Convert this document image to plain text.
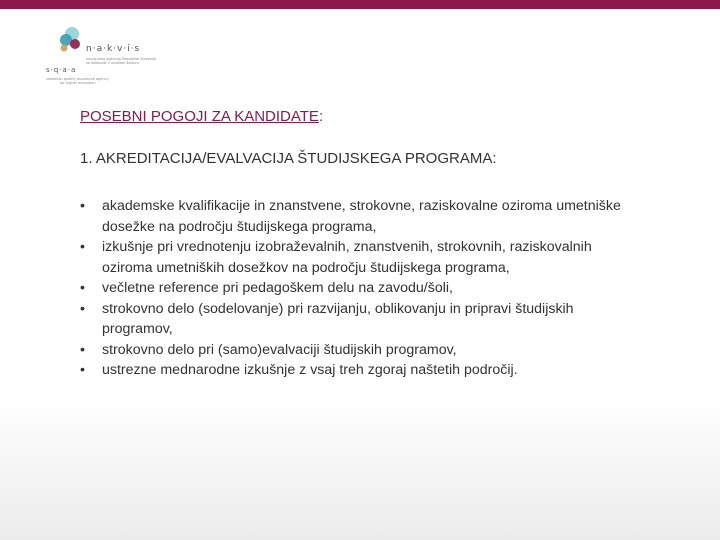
n·a·k·v·i·s
nacionalna agencija Republike Slovenije
za kakovost v visokem šolstvu
s·q·a·a
slovenian quality assurance agency
for higher education
POSEBNI POGOJI ZA KANDIDATE:
1. AKREDITACIJA/EVALVACIJA ŠTUDIJSKEGA PROGRAMA:
• akademske kvalifikacije in znanstvene, strokovne, raziskovalne oziroma umetniške dosežke na področju študijskega programa,
• izkušnje pri vrednotenju izobraževalnih, znanstvenih, strokovnih, raziskovalnih oziroma umetniških dosežkov na področju študijskega programa,
• večletne reference pri pedagoškem delu na zavodu/šoli,
• strokovno delo (sodelovanje) pri razvijanju, oblikovanju in pripravi študijskih programov,
• strokovno delo pri (samo)evalvaciji študijskih programov,
• ustrezne mednarodne izkušnje z vsaj treh zgoraj naštetih področij.
